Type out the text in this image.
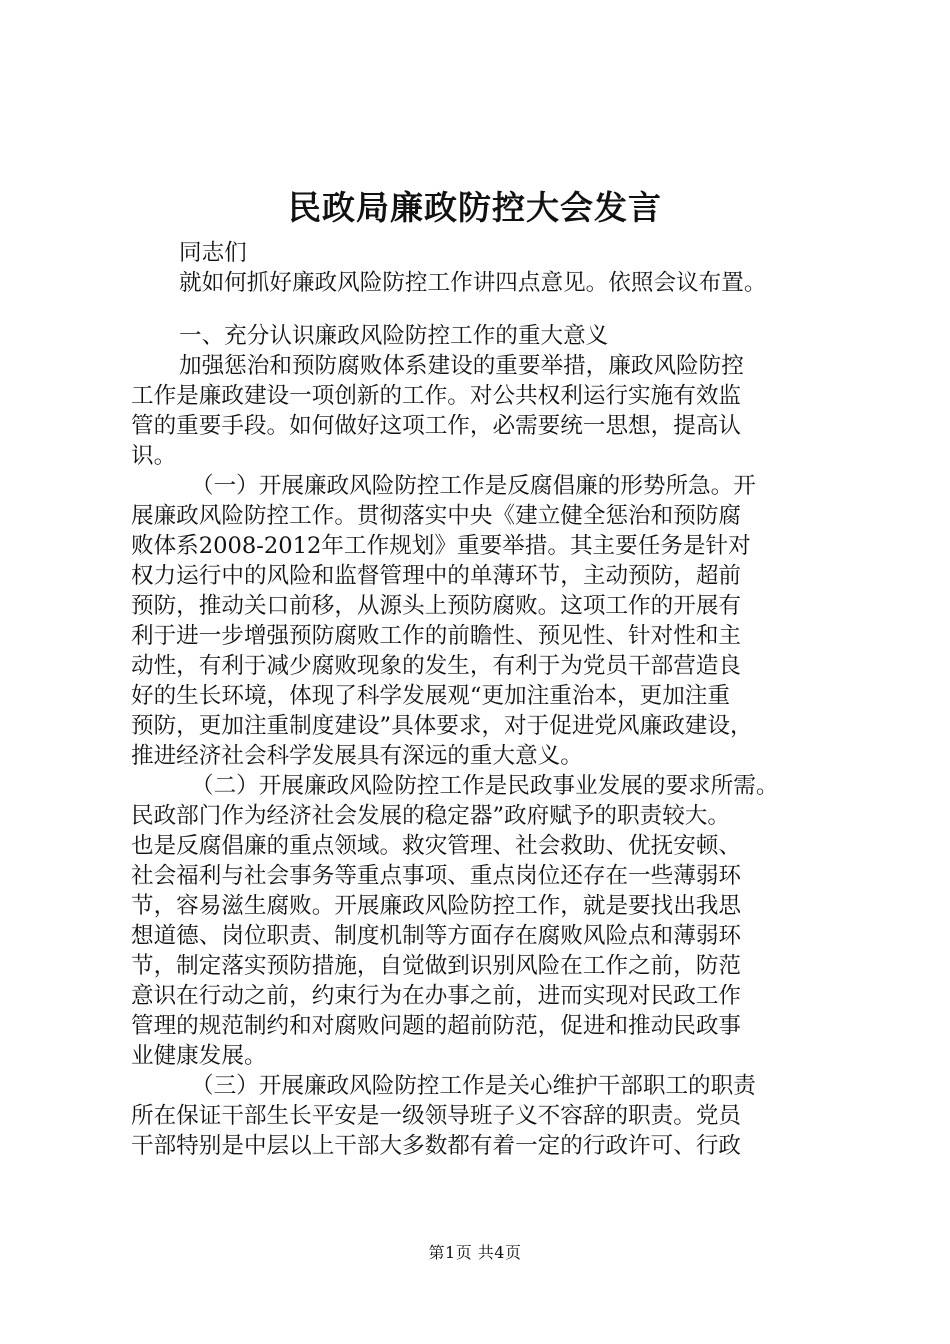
民政局廉政防控大会发言
同志们
就如何抓好廉政风险防控工作讲四点意见。依照会议布置。
一、充分认识廉政风险防控工作的重大意义
加强惩治和预防腐败体系建设的重要举措，廉政风险防控
工作是廉政建设一项创新的工作。对公共权利运行实施有效监
管的重要手段。如何做好这项工作，必需要统一思想，提高认
识。
（一）开展廉政风险防控工作是反腐倡廉的形势所急。开
展廉政风险防控工作。贯彻落实中央《建立健全惩治和预防腐
败体系2008-2012年工作规划》重要举措。其主要任务是针对
权力运行中的风险和监督管理中的单薄环节，主动预防，超前
预防，推动关口前移，从源头上预防腐败。这项工作的开展有
利于进一步增强预防腐败工作的前瞻性、预见性、针对性和主
动性，有利于减少腐败现象的发生，有利于为党员干部营造良
好的生长环境，体现了科学发展观“更加注重治本，更加注重
预防，更加注重制度建设”具体要求，对于促进党风廉政建设，
推进经济社会科学发展具有深远的重大意义。
（二）开展廉政风险防控工作是民政事业发展的要求所需。
民政部门作为经济社会发展的稳定器”政府赋予的职责较大。
也是反腐倡廉的重点领域。救灾管理、社会救助、优抚安顿、
社会福利与社会事务等重点事项、重点岗位还存在一些薄弱环
节，容易滋生腐败。开展廉政风险防控工作，就是要找出我思
想道德、岗位职责、制度机制等方面存在腐败风险点和薄弱环
节，制定落实预防措施，自觉做到识别风险在工作之前，防范
意识在行动之前，约束行为在办事之前，进而实现对民政工作
管理的规范制约和对腐败问题的超前防范，促进和推动民政事
业健康发展。
（三）开展廉政风险防控工作是关心维护干部职工的职责
所在保证干部生长平安是一级领导班子义不容辞的职责。党员
干部特别是中层以上干部大多数都有着一定的行政许可、行政
第1页 共4页
